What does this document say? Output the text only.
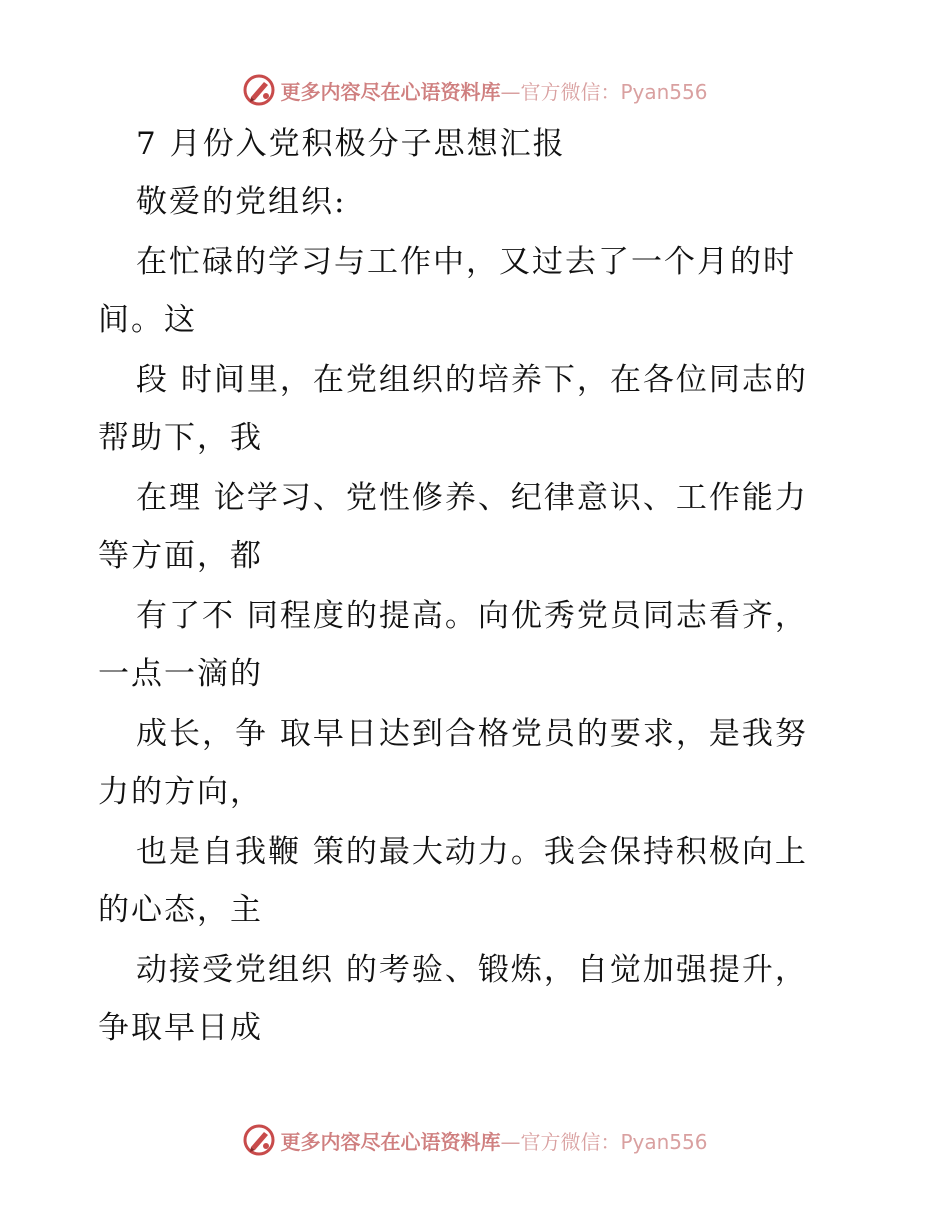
更多内容尽在心语资料库—官方微信：Pyan556
7 月份入党积极分子思想汇报
敬爱的党组织:
在忙碌的学习与工作中，又过去了一个月的时
间。这
段 时间里，在党组织的培养下，在各位同志的
帮助下，我
在理 论学习、党性修养、纪律意识、工作能力
等方面，都
有了不 同程度的提高。向优秀党员同志看齐，
一点一滴的
成长，争 取早日达到合格党员的要求，是我努
力的方向，
也是自我鞭 策的最大动力。我会保持积极向上
的心态，主
动接受党组织 的考验、锻炼，自觉加强提升，
争取早日成
更多内容尽在心语资料库—官方微信：Pyan556
